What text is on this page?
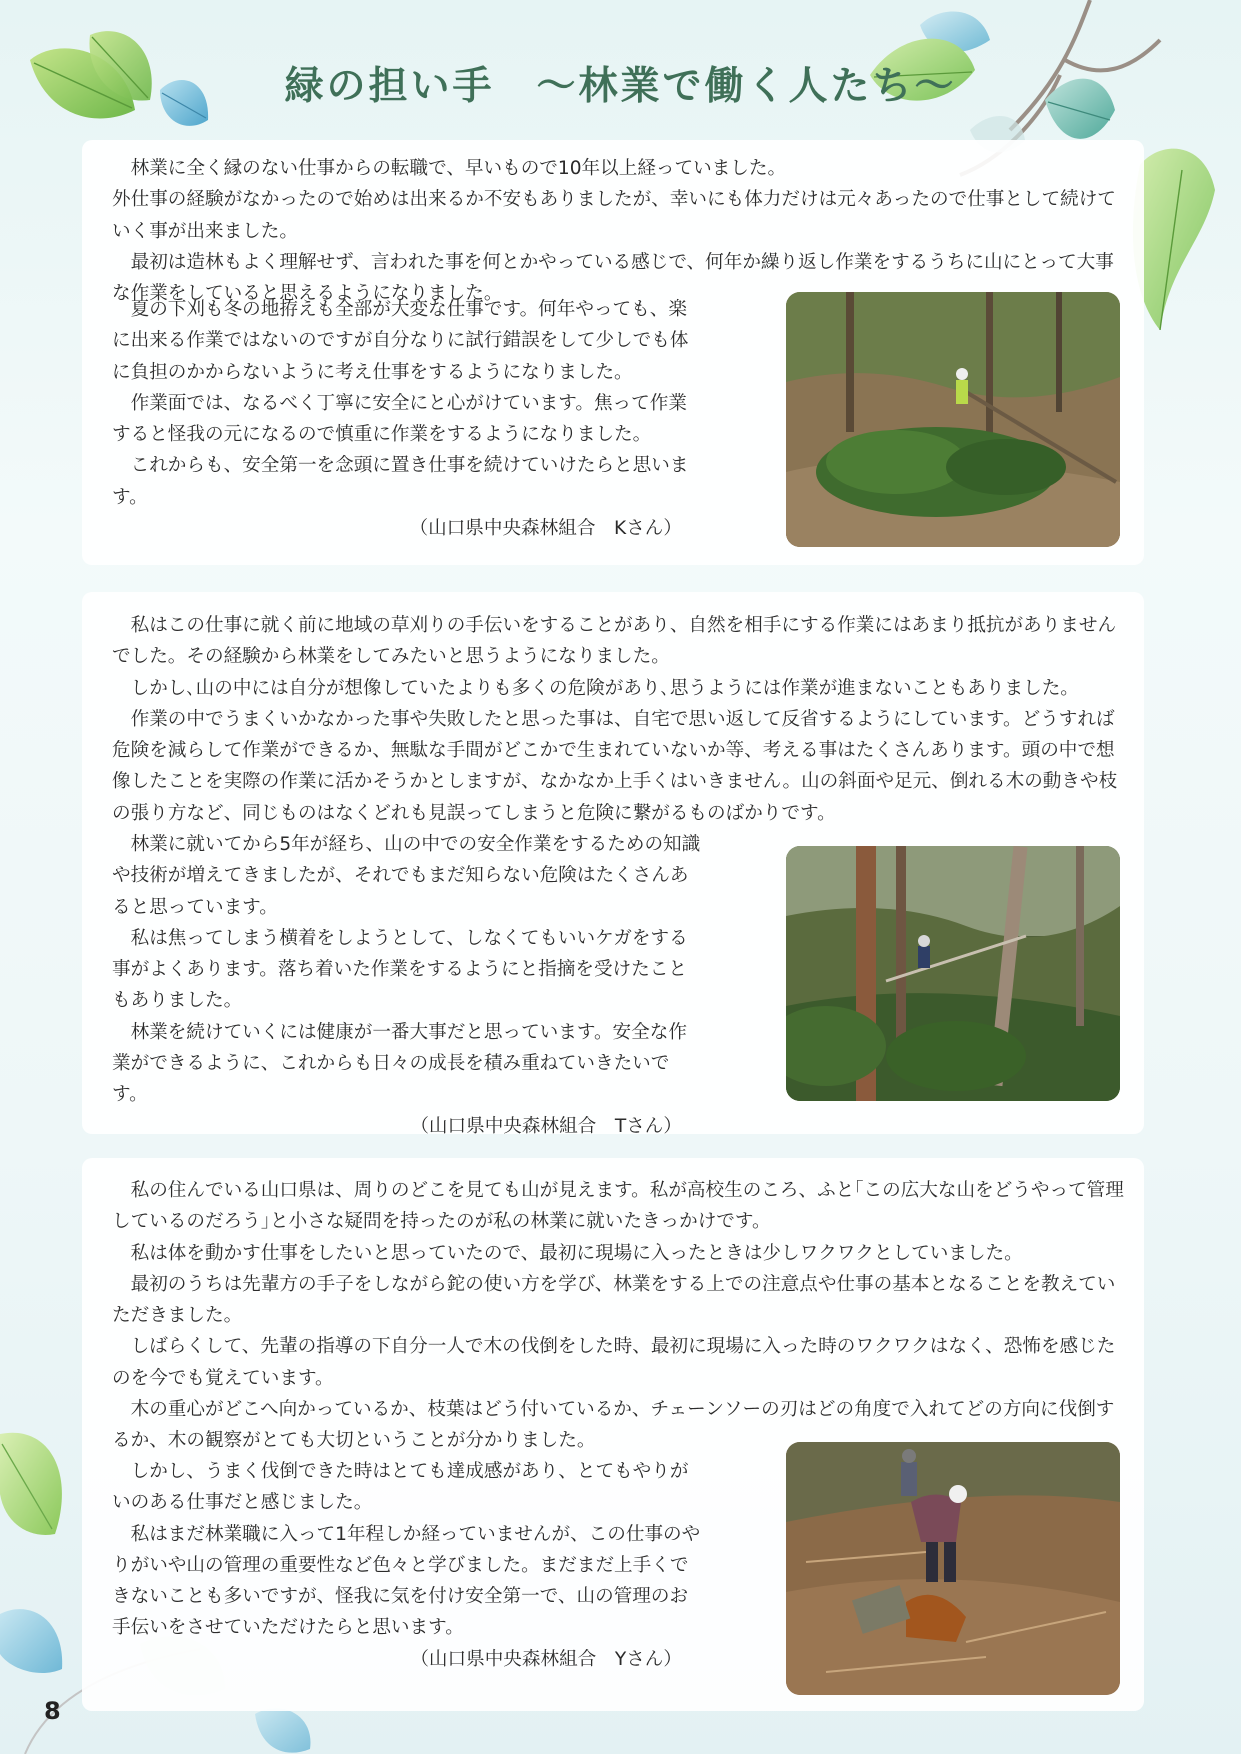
緑の担い手　～林業で働く人たち～

林業に全く縁のない仕事からの転職で、早いもので10年以上経っていました。

外仕事の経験がなかったので始めは出来るか不安もありましたが、幸いにも体力だけは元々あったので仕事として続けていく事が出来ました。

最初は造林もよく理解せず、言われた事を何とかやっている感じで、何年か繰り返し作業をするうちに山にとって大事な作業をしていると思えるようになりました。

夏の下刈も冬の地拵えも全部が大変な仕事です。何年やっても、楽に出来る作業ではないのですが自分なりに試行錯誤をして少しでも体に負担のかからないように考え仕事をするようになりました。

作業面では、なるべく丁寧に安全にと心がけています。焦って作業すると怪我の元になるので慎重に作業をするようになりました。

これからも、安全第一を念頭に置き仕事を続けていけたらと思います。

（山口県中央森林組合　Kさん）

私はこの仕事に就く前に地域の草刈りの手伝いをすることがあり、自然を相手にする作業にはあまり抵抗がありませんでした。その経験から林業をしてみたいと思うようになりました。

しかし､山の中には自分が想像していたよりも多くの危険があり､思うようには作業が進まないこともありました。

作業の中でうまくいかなかった事や失敗したと思った事は、自宅で思い返して反省するようにしています。どうすれば危険を減らして作業ができるか、無駄な手間がどこかで生まれていないか等、考える事はたくさんあります。頭の中で想像したことを実際の作業に活かそうかとしますが、なかなか上手くはいきません。山の斜面や足元、倒れる木の動きや枝の張り方など、同じものはなくどれも見誤ってしまうと危険に繋がるものばかりです。

林業に就いてから5年が経ち、山の中での安全作業をするための知識や技術が増えてきましたが、それでもまだ知らない危険はたくさんあると思っています。

私は焦ってしまう横着をしようとして、しなくてもいいケガをする事がよくあります。落ち着いた作業をするようにと指摘を受けたこともありました。

林業を続けていくには健康が一番大事だと思っています。安全な作業ができるように、これからも日々の成長を積み重ねていきたいです。

（山口県中央森林組合　Tさん）

私の住んでいる山口県は、周りのどこを見ても山が見えます。私が高校生のころ、ふと｢この広大な山をどうやって管理しているのだろう｣と小さな疑問を持ったのが私の林業に就いたきっかけです。

私は体を動かす仕事をしたいと思っていたので、最初に現場に入ったときは少しワクワクとしていました。

最初のうちは先輩方の手子をしながら鉈の使い方を学び、林業をする上での注意点や仕事の基本となることを教えていただきました。

しばらくして、先輩の指導の下自分一人で木の伐倒をした時、最初に現場に入った時のワクワクはなく、恐怖を感じたのを今でも覚えています。

木の重心がどこへ向かっているか、枝葉はどう付いているか、チェーンソーの刃はどの角度で入れてどの方向に伐倒するか、木の観察がとても大切ということが分かりました。

しかし、うまく伐倒できた時はとても達成感があり、とてもやりがいのある仕事だと感じました。

私はまだ林業職に入って1年程しか経っていませんが、この仕事のやりがいや山の管理の重要性など色々と学びました。まだまだ上手くできないことも多いですが、怪我に気を付け安全第一で、山の管理のお手伝いをさせていただけたらと思います。

（山口県中央森林組合　Yさん）

8
